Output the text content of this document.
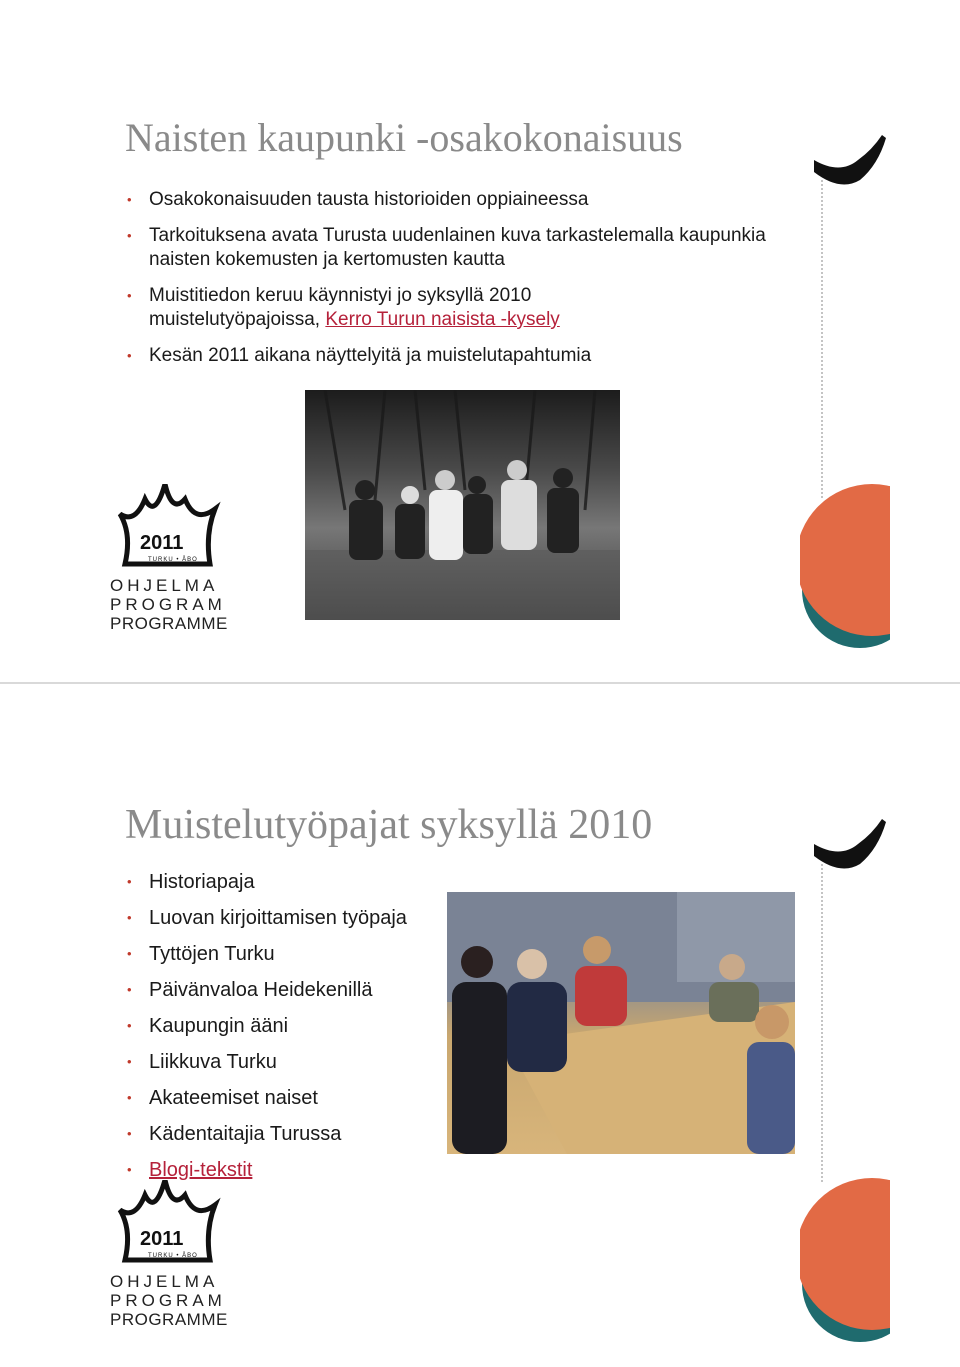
Naisten kaupunki -osakokonaisuus
• Osakokonaisuuden tausta historioiden oppiaineessa
• Tarkoituksena avata Turusta uudenlainen kuva tarkastelemalla kaupunkia naisten kokemusten ja kertomusten kautta
• Muistitiedon keruu käynnistyi jo syksyllä 2010
muistelutyöpajoissa, Kerro Turun naisista -kysely
• Kesän 2011 aikana näyttelyitä ja muistelutapahtumia
2011
TURKU • ÅBO
OHJELMA
PROGRAM
PROGRAMME
Muistelutyöpajat syksyllä 2010
• Historiapaja
• Luovan kirjoittamisen työpaja
• Tyttöjen Turku
• Päivänvaloa Heidekenillä
• Kaupungin ääni
• Liikkuva Turku
• Akateemiset naiset
• Kädentaitajia Turussa
• Blogi-tekstit
2011
TURKU • ÅBO
OHJELMA
PROGRAM
PROGRAMME
